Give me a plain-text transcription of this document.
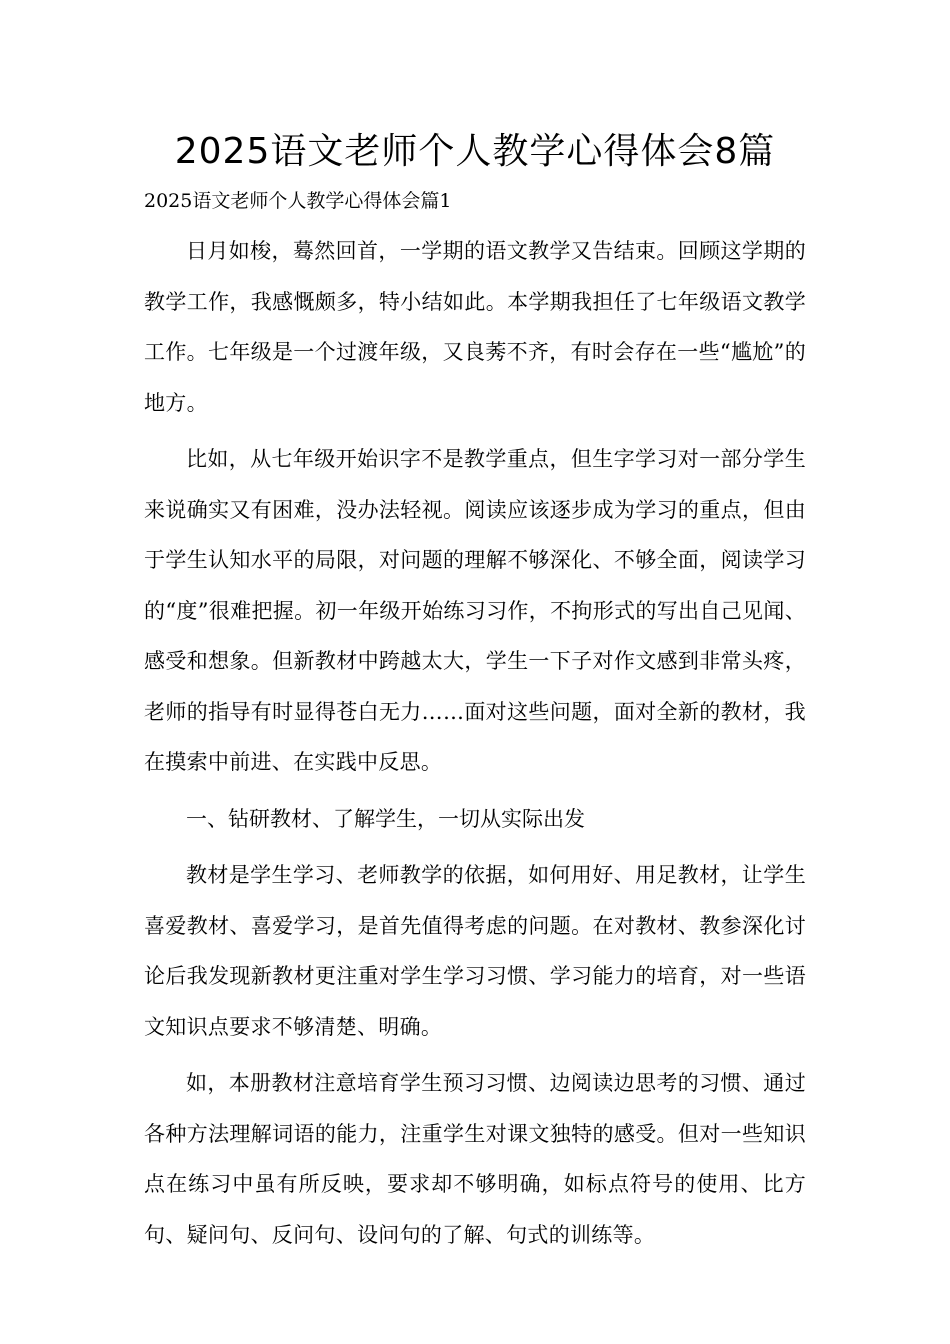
2025语文老师个人教学心得体会8篇

2025语文老师个人教学心得体会篇1

日月如梭，蓦然回首，一学期的语文教学又告结束。回顾这学期的教学工作，我感慨颇多，特小结如此。本学期我担任了七年级语文教学工作。七年级是一个过渡年级，又良莠不齐，有时会存在一些“尴尬”的地方。

比如，从七年级开始识字不是教学重点，但生字学习对一部分学生来说确实又有困难，没办法轻视。阅读应该逐步成为学习的重点，但由于学生认知水平的局限，对问题的理解不够深化、不够全面，阅读学习的“度”很难把握。初一年级开始练习习作，不拘形式的写出自己见闻、感受和想象。但新教材中跨越太大，学生一下子对作文感到非常头疼，老师的指导有时显得苍白无力……面对这些问题，面对全新的教材，我在摸索中前进、在实践中反思。

一、钻研教材、了解学生，一切从实际出发

教材是学生学习、老师教学的依据，如何用好、用足教材，让学生喜爱教材、喜爱学习，是首先值得考虑的问题。在对教材、教参深化讨论后我发现新教材更注重对学生学习习惯、学习能力的培育，对一些语文知识点要求不够清楚、明确。

如，本册教材注意培育学生预习习惯、边阅读边思考的习惯、通过各种方法理解词语的能力，注重学生对课文独特的感受。但对一些知识点在练习中虽有所反映，要求却不够明确，如标点符号的使用、比方句、疑问句、反问句、设问句的了解、句式的训练等。
